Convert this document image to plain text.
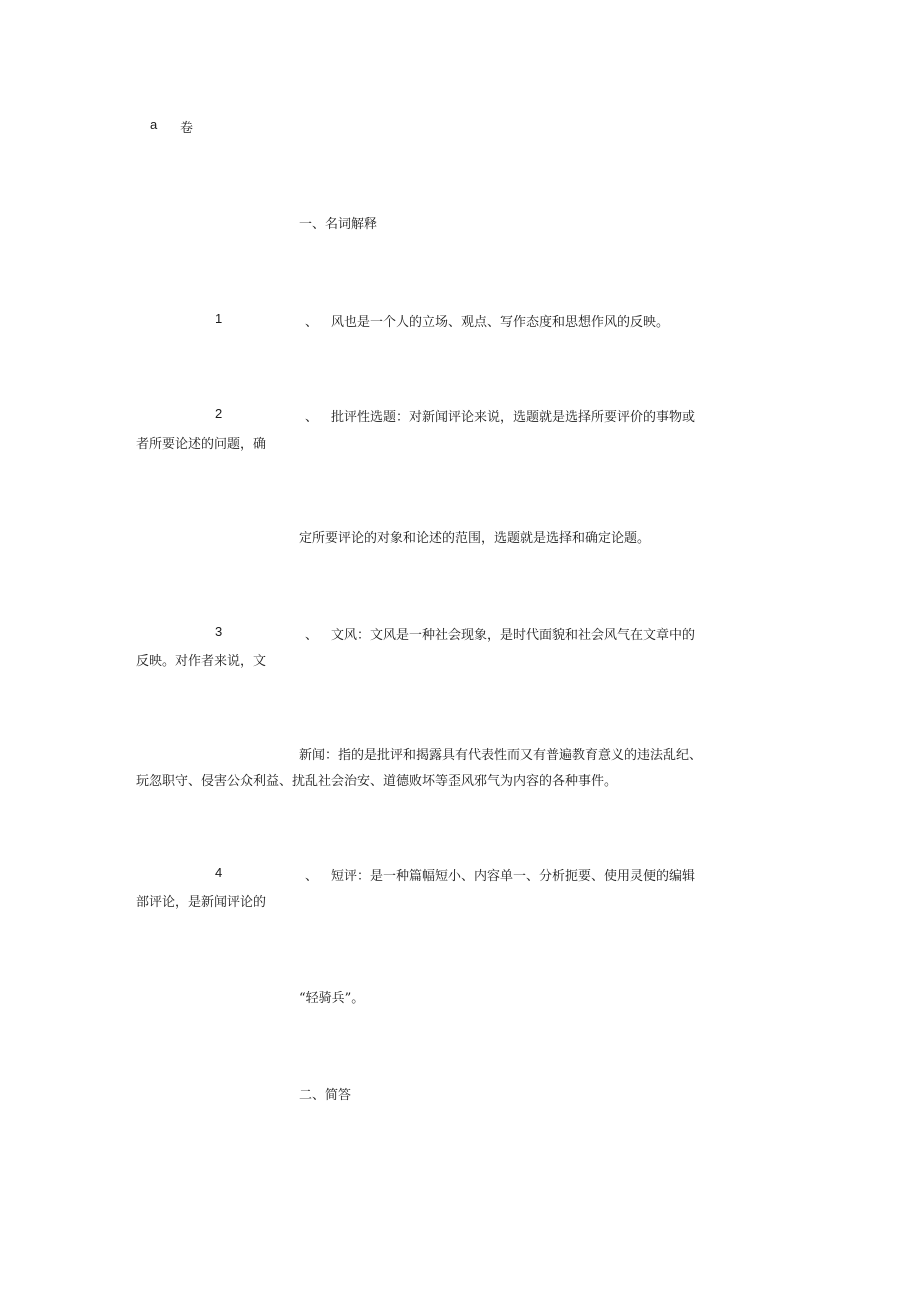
a 卷
一、名词解释
1	、 风也是一个人的立场、观点、写作态度和思想作风的反映。
2	、 批评性选题：对新闻评论来说，选题就是选择所要评价的事物或
者所要论述的问题，确
定所要评论的对象和论述的范围，选题就是选择和确定论题。
3	、 文风：文风是一种社会现象，是时代面貌和社会风气在文章中的
反映。对作者来说，文
新闻：指的是批评和揭露具有代表性而又有普遍教育意义的违法乱纪、
玩忽职守、侵害公众利益、扰乱社会治安、道德败坏等歪风邪气为内容的各种事件。
4	、 短评：是一种篇幅短小、内容单一、分析扼要、使用灵便的编辑
部评论，是新闻评论的
“轻骑兵”。
二、简答
